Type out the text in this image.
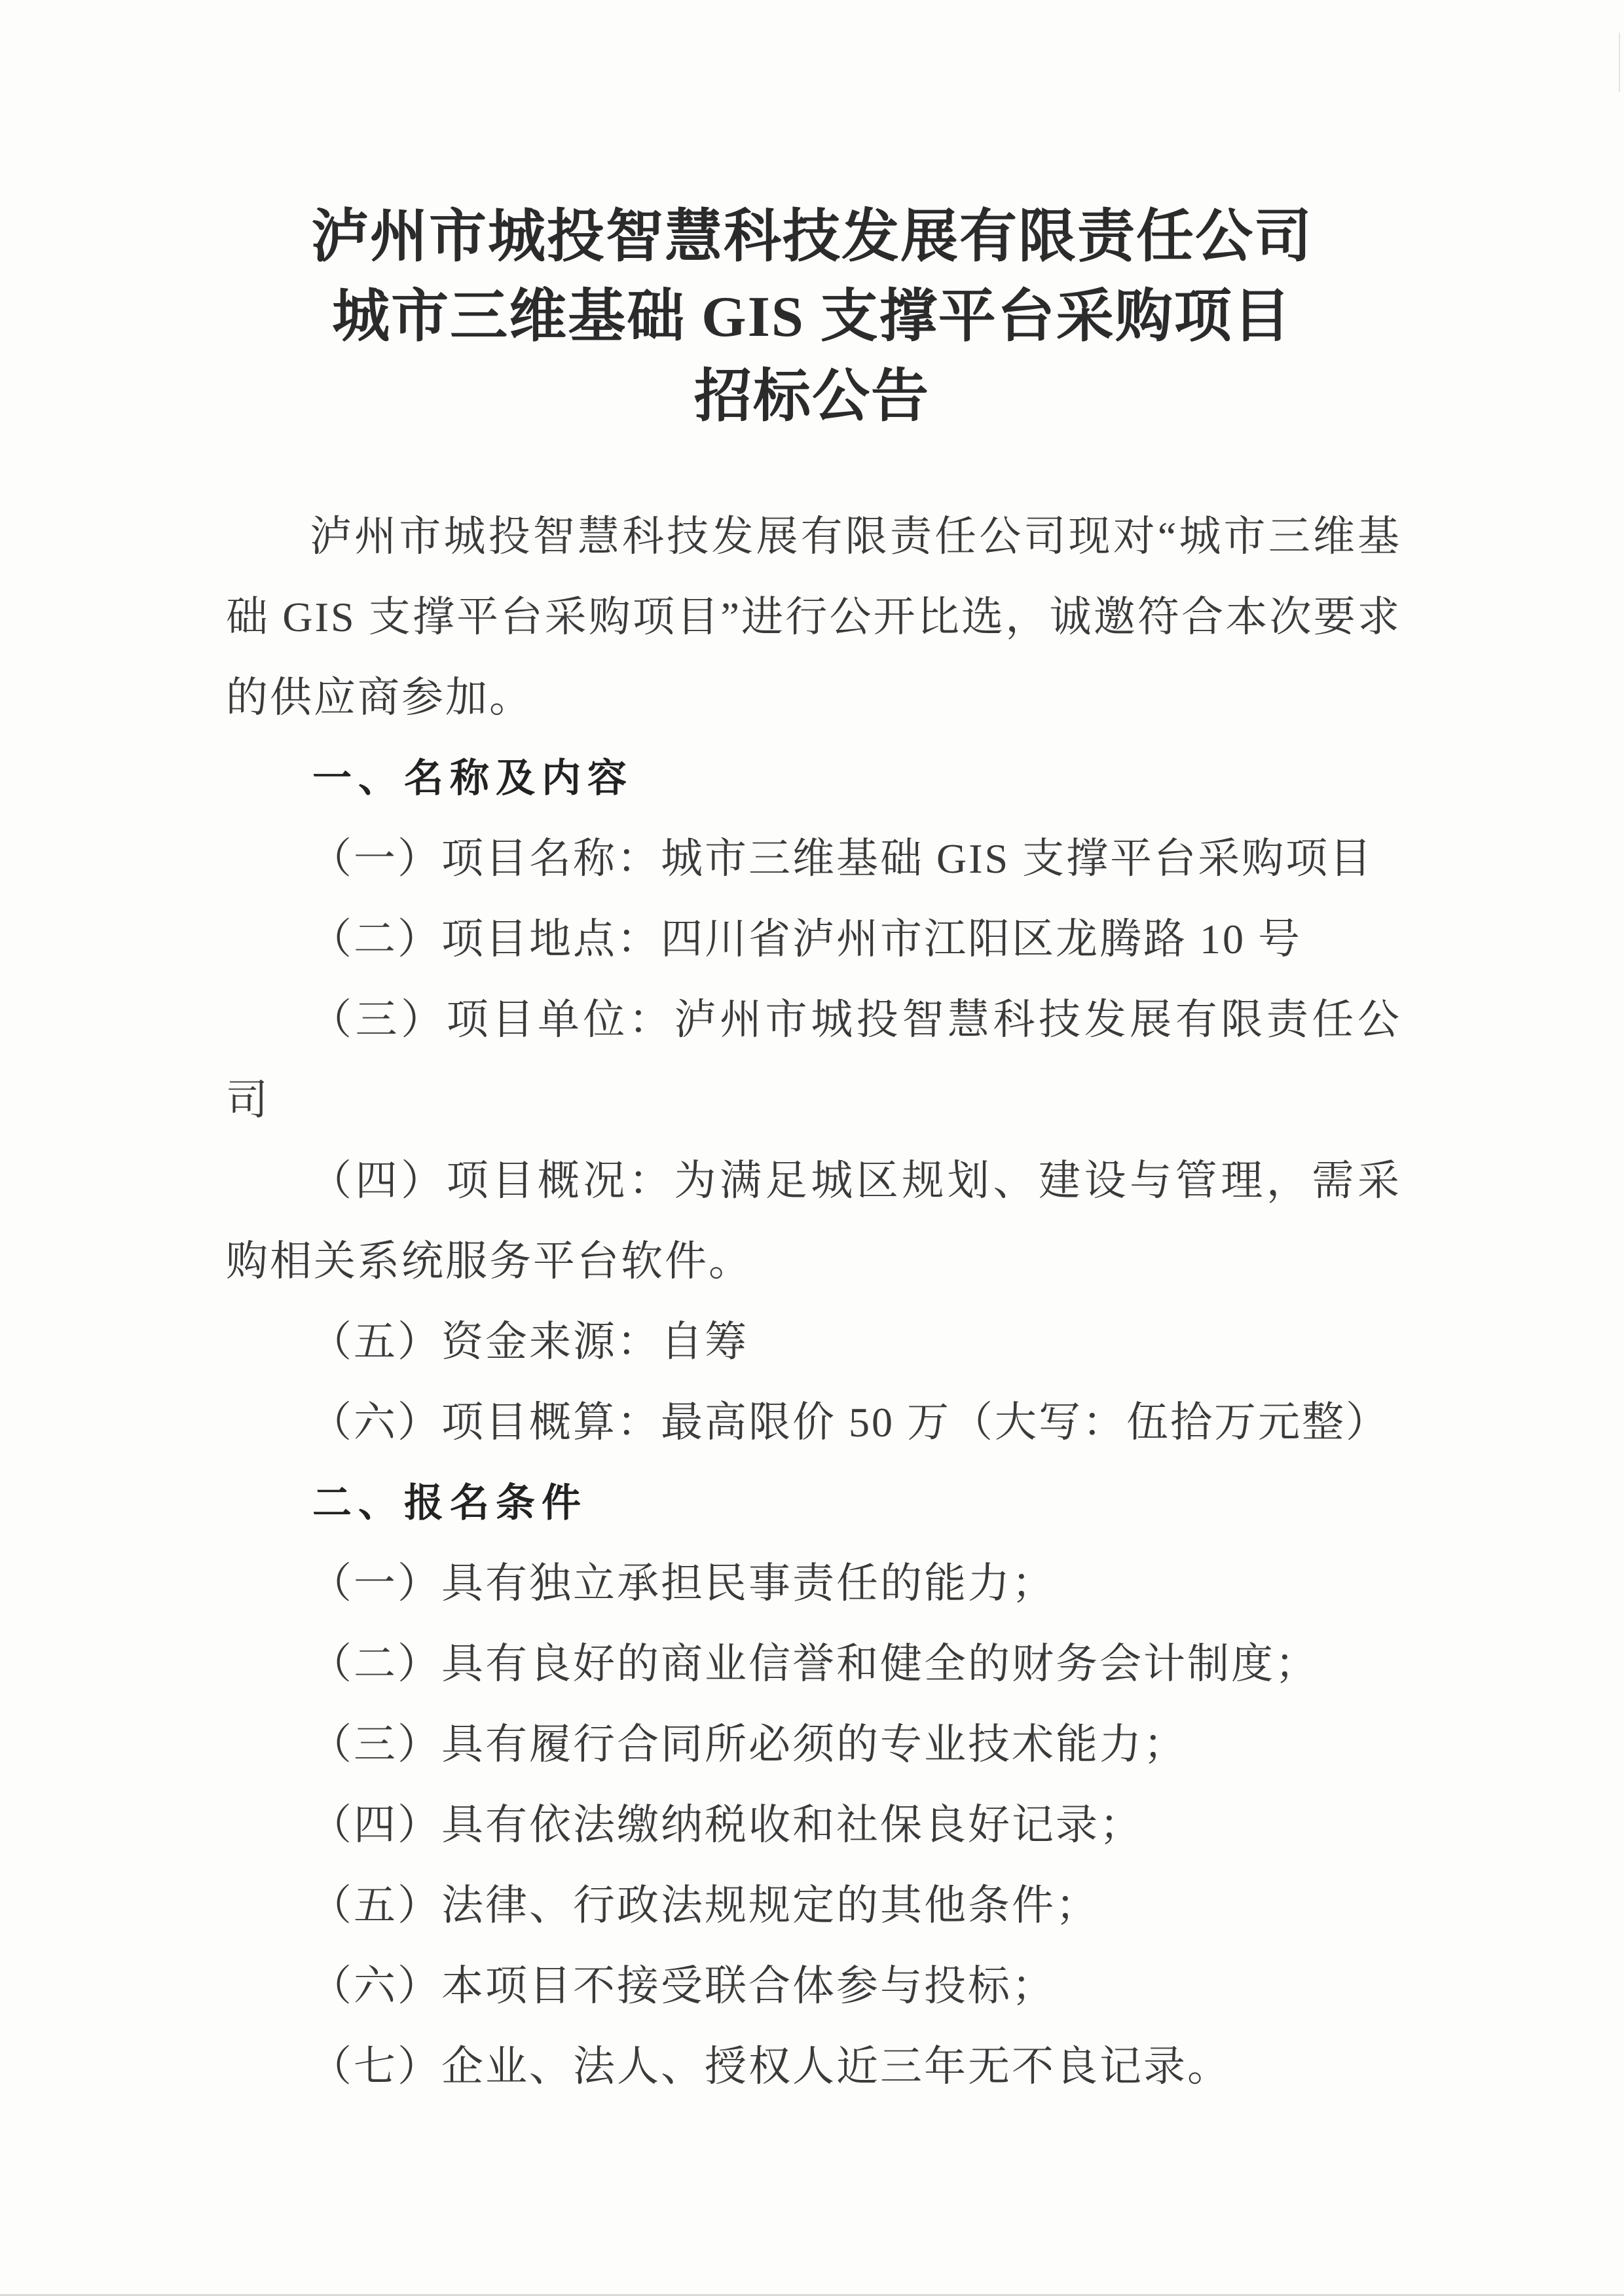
泸州市城投智慧科技发展有限责任公司
城市三维基础 GIS 支撑平台采购项目
招标公告

泸州市城投智慧科技发展有限责任公司现对“城市三维基础 GIS 支撑平台采购项目”进行公开比选，诚邀符合本次要求的供应商参加。

一、名称及内容

（一）项目名称：城市三维基础 GIS 支撑平台采购项目

（二）项目地点：四川省泸州市江阳区龙腾路 10 号

（三）项目单位：泸州市城投智慧科技发展有限责任公司

（四）项目概况：为满足城区规划、建设与管理，需采购相关系统服务平台软件。

（五）资金来源：自筹

（六）项目概算：最高限价 50 万（大写：伍拾万元整）

二、报名条件

（一）具有独立承担民事责任的能力；

（二）具有良好的商业信誉和健全的财务会计制度；

（三）具有履行合同所必须的专业技术能力；

（四）具有依法缴纳税收和社保良好记录；

（五）法律、行政法规规定的其他条件；

（六）本项目不接受联合体参与投标；

（七）企业、法人、授权人近三年无不良记录。
